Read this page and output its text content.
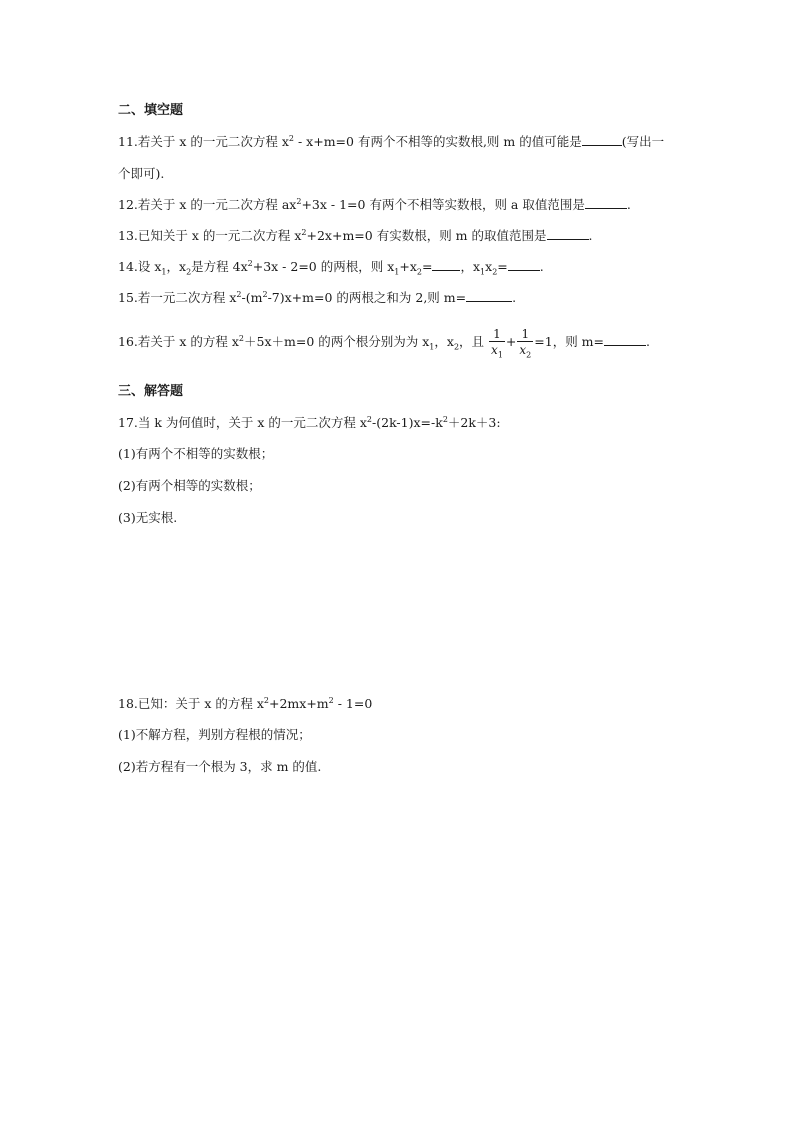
二、填空题
11.若关于 x 的一元二次方程 $x^2 - x+m=0$ 有两个不相等的实数根,则 m 的值可能是	(写出一
个即可).
12.若关于 x 的一元二次方程 $ax^2+3x - 1=0$ 有两个不相等实数根，则 a 取值范围是	.
13.已知关于 x 的一元二次方程 $x^2+2x+m=0$ 有实数根，则 m 的取值范围是	.
14.设 $x_1$，$x_2$是方程 $4x^2+3x - 2=0$ 的两根，则 $x_1+x_2=$ ，$x_1x_2=$	.
15.若一元二次方程 $x^2-(m^2-7)x+m=0$ 的两根之和为 2,则 m=	.
16.若关于 x 的方程 $x^2+5x+m=0$ 的两个根分别为为 $x_1$，$x_2$，且 $\frac{1}{x_1} + \frac{1}{x_2} =1$，则 m=	.
三、解答题
17.当 k 为何值时，关于 x 的一元二次方程 $x^2-(2k-1)x=-k^2+2k+3$:
(1)有两个不相等的实数根；
(2)有两个相等的实数根；
(3)无实根.
18.已知：关于 x 的方程 $x^2+2mx+m^2 - 1=0$
(1)不解方程，判别方程根的情况；
(2)若方程有一个根为 3，求 m 的值.
